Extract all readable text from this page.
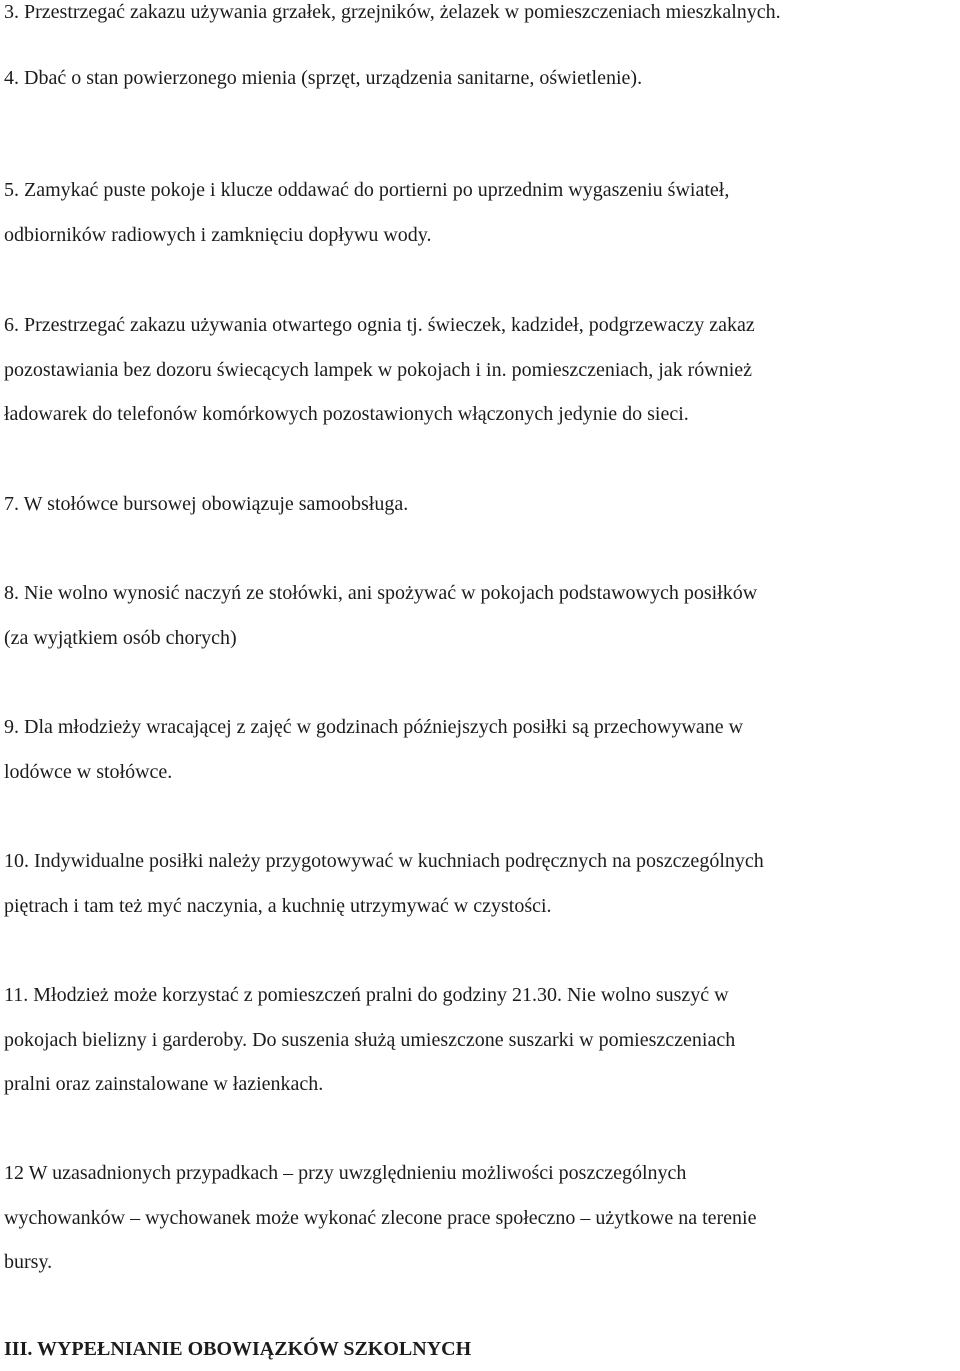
3. Przestrzegać zakazu używania grzałek, grzejników, żelazek w pomieszczeniach mieszkalnych.

4. Dbać o stan powierzonego mienia (sprzęt, urządzenia sanitarne, oświetlenie).

5. Zamykać puste pokoje i klucze oddawać do portierni po uprzednim wygaszeniu świateł,
odbiorników radiowych i zamknięciu dopływu wody.

6. Przestrzegać zakazu używania otwartego ognia tj. świeczek, kadzideł, podgrzewaczy zakaz
pozostawiania bez dozoru świecących lampek w pokojach i in. pomieszczeniach, jak również
ładowarek do telefonów komórkowych pozostawionych włączonych jedynie do sieci.

7. W stołówce bursowej obowiązuje samoobsługa.

8. Nie wolno wynosić naczyń ze stołówki, ani spożywać w pokojach podstawowych posiłków
(za wyjątkiem osób chorych)

9. Dla młodzieży wracającej z zajęć w godzinach późniejszych posiłki są przechowywane w
lodówce w stołówce.

10. Indywidualne posiłki należy przygotowywać w kuchniach podręcznych na poszczególnych
piętrach i tam też myć naczynia, a kuchnię utrzymywać w czystości.

11. Młodzież może korzystać z pomieszczeń pralni do godziny 21.30. Nie wolno suszyć w
pokojach bielizny i garderoby. Do suszenia służą umieszczone suszarki w pomieszczeniach
pralni oraz zainstalowane w łazienkach.

12 W uzasadnionych przypadkach – przy uwzględnieniu możliwości poszczególnych
wychowanków – wychowanek może wykonać zlecone prace społeczno – użytkowe na terenie
bursy.

III. WYPEŁNIANIE OBOWIĄZKÓW SZKOLNYCH
